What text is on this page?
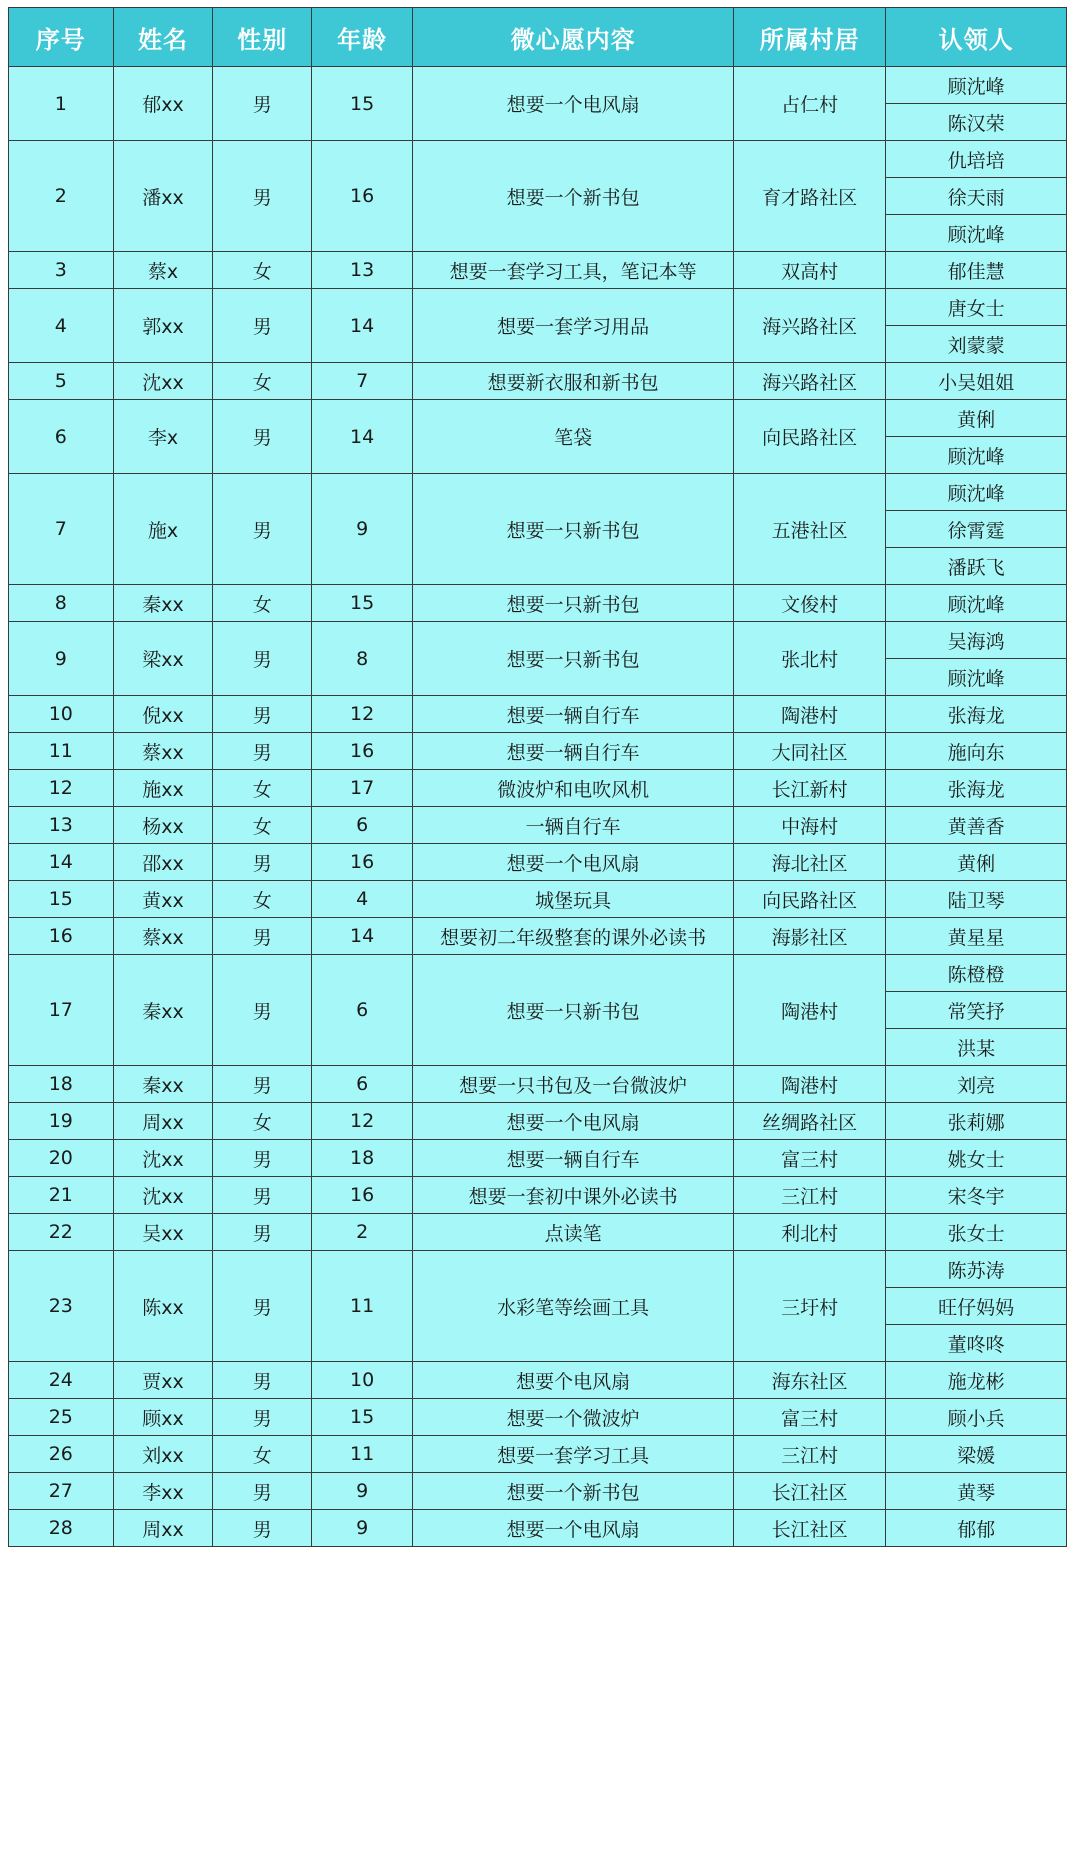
序号	姓名	性别	年龄	微心愿内容	所属村居	认领人
1	郁xx	男	15	想要一个电风扇	占仁村	顾沈峰
						陈汉荣
2	潘xx	男	16	想要一个新书包	育才路社区	仇培培
						徐天雨
						顾沈峰
3	蔡x	女	13	想要一套学习工具，笔记本等	双高村	郁佳慧
4	郭xx	男	14	想要一套学习用品	海兴路社区	唐女士
						刘蒙蒙
5	沈xx	女	7	想要新衣服和新书包	海兴路社区	小吴姐姐
6	李x	男	14	笔袋	向民路社区	黄俐
						顾沈峰
7	施x	男	9	想要一只新书包	五港社区	顾沈峰
						徐霄霆
						潘跃飞
8	秦xx	女	15	想要一只新书包	文俊村	顾沈峰
9	梁xx	男	8	想要一只新书包	张北村	吴海鸿
						顾沈峰
10	倪xx	男	12	想要一辆自行车	陶港村	张海龙
11	蔡xx	男	16	想要一辆自行车	大同社区	施向东
12	施xx	女	17	微波炉和电吹风机	长江新村	张海龙
13	杨xx	女	6	一辆自行车	中海村	黄善香
14	邵xx	男	16	想要一个电风扇	海北社区	黄俐
15	黄xx	女	4	城堡玩具	向民路社区	陆卫琴
16	蔡xx	男	14	想要初二年级整套的课外必读书	海影社区	黄星星
17	秦xx	男	6	想要一只新书包	陶港村	陈橙橙
						常笑抒
						洪某
18	秦xx	男	6	想要一只书包及一台微波炉	陶港村	刘亮
19	周xx	女	12	想要一个电风扇	丝绸路社区	张莉娜
20	沈xx	男	18	想要一辆自行车	富三村	姚女士
21	沈xx	男	16	想要一套初中课外必读书	三江村	宋冬宇
22	吴xx	男	2	点读笔	利北村	张女士
23	陈xx	男	11	水彩笔等绘画工具	三圩村	陈苏涛
						旺仔妈妈
						董咚咚
24	贾xx	男	10	想要个电风扇	海东社区	施龙彬
25	顾xx	男	15	想要一个微波炉	富三村	顾小兵
26	刘xx	女	11	想要一套学习工具	三江村	梁媛
27	李xx	男	9	想要一个新书包	长江社区	黄琴
28	周xx	男	9	想要一个电风扇	长江社区	郁郁
